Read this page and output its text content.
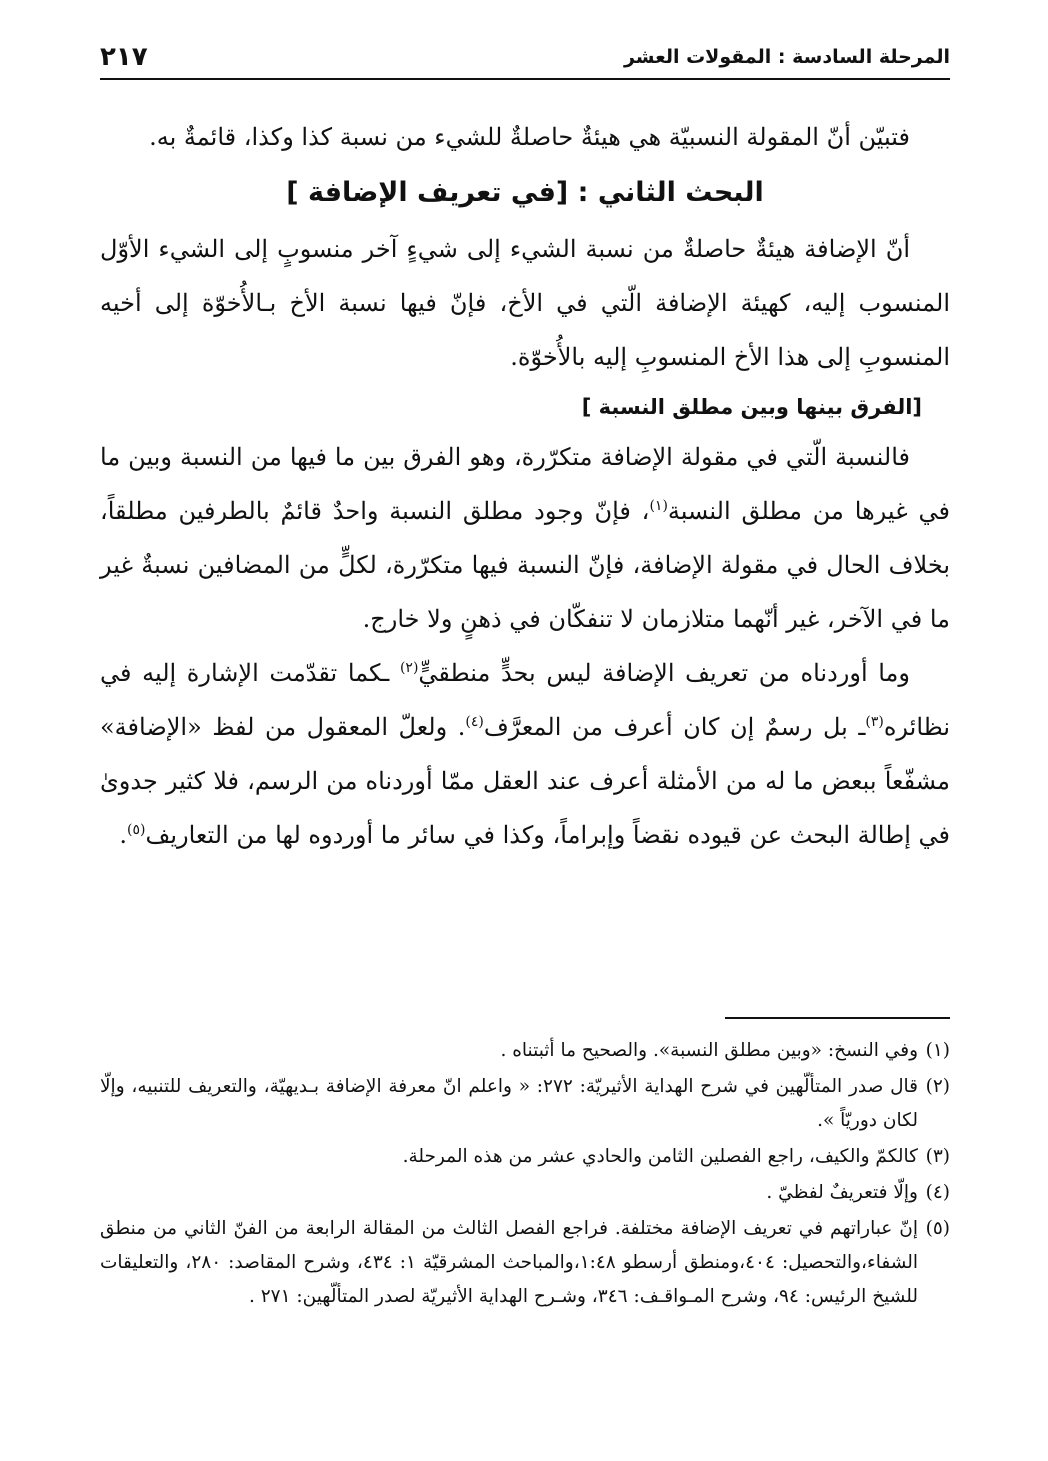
المرحلة السادسة : المقولات العشر
٢١٧

فتبيّن أنّ المقولة النسبيّة هي هيئةٌ حاصلةٌ للشيء من نسبة كذا وكذا، قائمةٌ به.

البحث الثاني : [في تعريف الإضافة ]

أنّ الإضافة هيئةٌ حاصلةٌ من نسبة الشيء إلى شيءٍ آخر منسوبٍ إلى الشيء الأوّل المنسوب إليه، كهيئة الإضافة الّتي في الأخ، فإنّ فيها نسبة الأخ بـالأُخوّة إلى أخيه المنسوبِ إلى هذا الأخ المنسوبِ إليه بالأُخوّة.

[الفرق بينها وبين مطلق النسبة ]

فالنسبة الّتي في مقولة الإضافة متكرّرة، وهو الفرق بين ما فيها من النسبة وبين ما في غيرها من مطلق النسبة$^{(١)}$، فإنّ وجود مطلق النسبة واحدٌ قائمٌ بالطرفين مطلقاً، بخلاف الحال في مقولة الإضافة، فإنّ النسبة فيها متكرّرة، لكلٍّ من المضافين نسبةٌ غير ما في الآخر، غير أنّهما متلازمان لا تنفكّان في ذهنٍ ولا خارج.

وما أوردناه من تعريف الإضافة ليس بحدٍّ منطقيٍّ$^{(٢)}$ ـكما تقدّمت الإشارة إليه في نظائره$^{(٣)}$ـ بل رسمٌ إن كان أعرف من المعرَّف$^{(٤)}$. ولعلّ المعقول من لفظ «الإضافة» مشفّعاً ببعض ما له من الأمثلة أعرف عند العقل ممّا أوردناه من الرسم، فلا كثير جدوىٰ في إطالة البحث عن قيوده نقضاً وإبراماً، وكذا في سائر ما أوردوه لها من التعاريف$^{(٥)}$.

(١)
وفي النسخ: «وبين مطلق النسبة». والصحيح ما أثبتناه .

(٢)
قال صدر المتألّهين في شرح الهداية الأثيريّة: ٢٧٢: « واعلم انّ معرفة الإضافة بـديهيّة، والتعريف للتنبيه، وإلّا لكان دوريّاً ».

(٣)
كالكمّ والكيف، راجع الفصلين الثامن والحادي عشر من هذه المرحلة.

(٤)
وإلّا فتعريفٌ لفظيّ .

(٥)
إنّ عباراتهم في تعريف الإضافة مختلفة. فراجع الفصل الثالث من المقالة الرابعة من الفنّ الثاني من منطق الشفاء،والتحصيل: ٤٠٤،ومنطق أرسطو ١:٤٨،والمباحث المشرقيّة ١: ٤٣٤، وشرح المقاصد: ٢٨٠، والتعليقات للشيخ الرئيس: ٩٤، وشرح المـواقـف: ٣٤٦، وشـرح الهداية الأثيريّة لصدر المتألّهين: ٢٧١ .
